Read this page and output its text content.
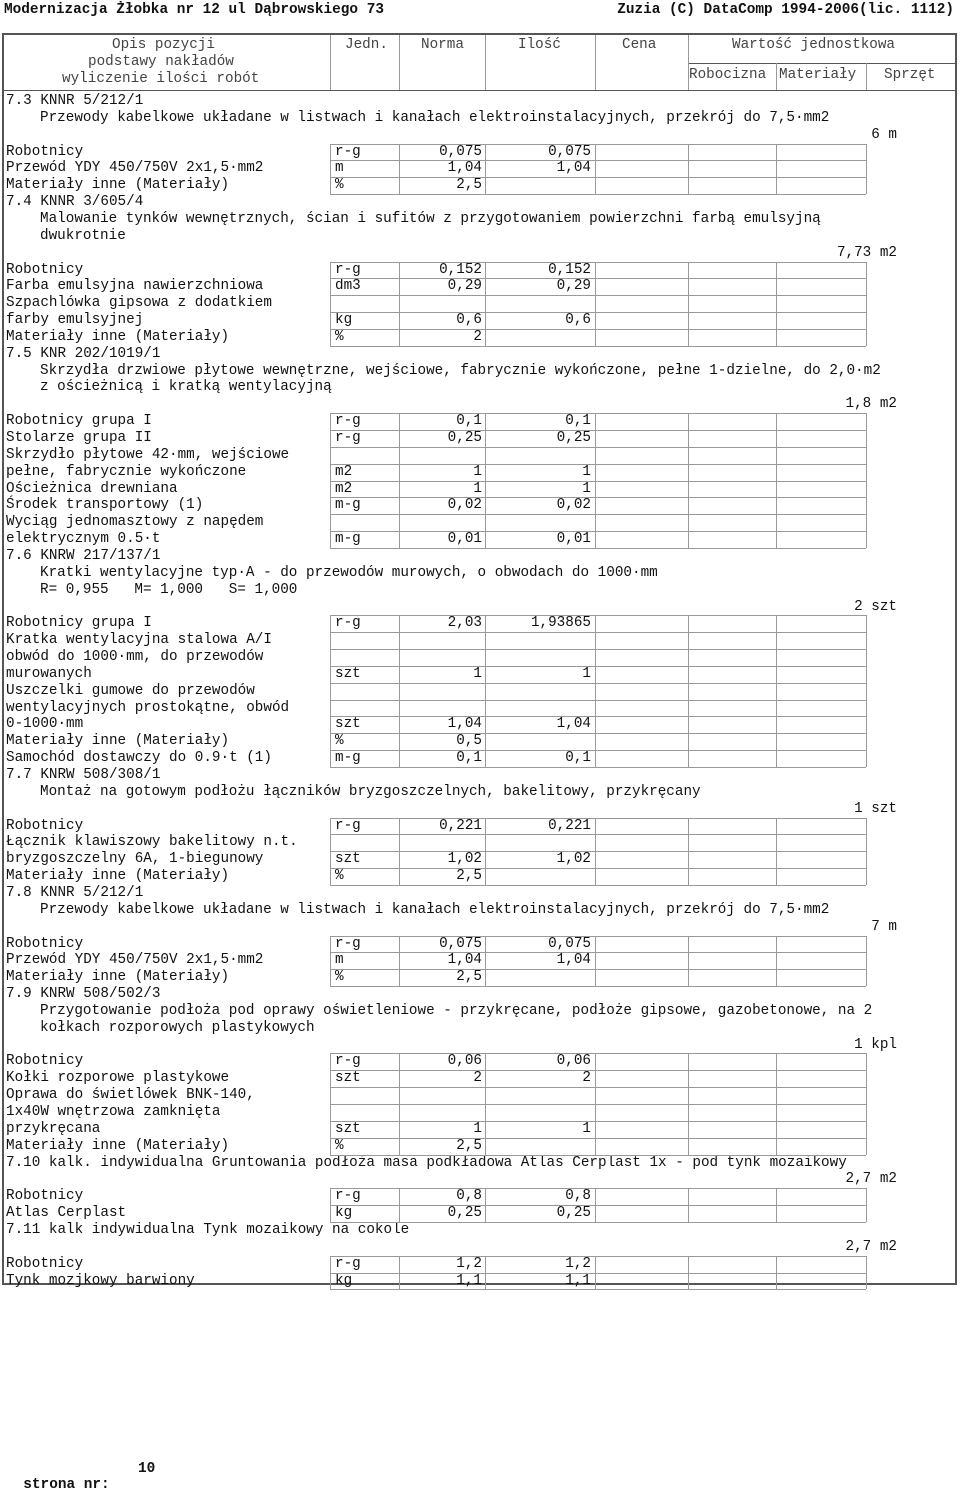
Modernizacja Żłobka nr 12 ul Dąbrowskiego 73	Zuzia (C) DataComp 1994-2006(lic. 1112)
Opis pozycji
podstawy nakładów
wyliczenie ilości robót
Jedn. Norma	Ilość	Cena	Wartość jednostkowa
Robocizna Materiały Sprzęt
7.3 KNNR 5/212/1
Przewody kabelkowe układane w listwach i kanałach elektroinstalacyjnych, przekrój do 7,5·mm2
6 m
Robotnicy	r-g	0,075	0,075
Przewód YDY 450/750V 2x1,5·mm2	m	1,04	1,04
Materiały inne (Materiały)	%	2,5
7.4 KNNR 3/605/4
Malowanie tynków wewnętrznych, ścian i sufitów z przygotowaniem powierzchni farbą emulsyjną
dwukrotnie
7,73 m2
Robotnicy	r-g	0,152	0,152
Farba emulsyjna nawierzchniowa	dm3	0,29	0,29
Szpachlówka gipsowa z dodatkiem
farby emulsyjnej	kg	0,6	0,6
Materiały inne (Materiały)	%	2
7.5 KNR 202/1019/1
Skrzydła drzwiowe płytowe wewnętrzne, wejściowe, fabrycznie wykończone, pełne 1-dzielne, do 2,0·m2
z ościeżnicą i kratką wentylacyjną
1,8 m2
Robotnicy grupa I	r-g	0,1	0,1
Stolarze grupa II	r-g	0,25	0,25
Skrzydło płytowe 42·mm, wejściowe
pełne, fabrycznie wykończone	m2	1	1
Ościeżnica drewniana	m2	1	1
Środek transportowy (1)	m-g	0,02	0,02
Wyciąg jednomasztowy z napędem
elektrycznym 0.5·t	m-g	0,01	0,01
7.6 KNRW 217/137/1
Kratki wentylacyjne typ·A - do przewodów murowych, o obwodach do 1000·mm
R= 0,955   M= 1,000   S= 1,000
2 szt
Robotnicy grupa I	r-g	2,03	1,93865
Kratka wentylacyjna stalowa A/I
obwód do 1000·mm, do przewodów
murowanych	szt	1	1
Uszczelki gumowe do przewodów
wentylacyjnych prostokątne, obwód
0-1000·mm	szt	1,04	1,04
Materiały inne (Materiały)	%	0,5
Samochód dostawczy do 0.9·t (1)	m-g	0,1	0,1
7.7 KNRW 508/308/1
Montaż na gotowym podłożu łączników bryzgoszczelnych, bakelitowy, przykręcany
1 szt
Robotnicy	r-g	0,221	0,221
Łącznik klawiszowy bakelitowy n.t.
bryzgoszczelny 6A, 1-biegunowy	szt	1,02	1,02
Materiały inne (Materiały)	%	2,5
7.8 KNNR 5/212/1
Przewody kabelkowe układane w listwach i kanałach elektroinstalacyjnych, przekrój do 7,5·mm2
7 m
Robotnicy	r-g	0,075	0,075
Przewód YDY 450/750V 2x1,5·mm2	m	1,04	1,04
Materiały inne (Materiały)	%	2,5
7.9 KNRW 508/502/3
Przygotowanie podłoża pod oprawy oświetleniowe - przykręcane, podłoże gipsowe, gazobetonowe, na 2
kołkach rozporowych plastykowych
1 kpl
Robotnicy	r-g	0,06	0,06
Kołki rozporowe plastykowe	szt	2	2
Oprawa do świetlówek BNK-140,
1x40W wnętrzowa zamknięta
przykręcana	szt	1	1
Materiały inne (Materiały)	%	2,5
7.10 kalk. indywidualna Gruntowania podłoża masa podkładowa Atlas Cerplast 1x - pod tynk mozaikowy
2,7 m2
Robotnicy	r-g	0,8	0,8
Atlas Cerplast	kg	0,25	0,25
7.11 kalk indywidualna Tynk mozaikowy na cokole
2,7 m2
Robotnicy	r-g	1,2	1,2
Tynk mozjkowy barwiony	kg	1,1	1,1

strona nr:

10
